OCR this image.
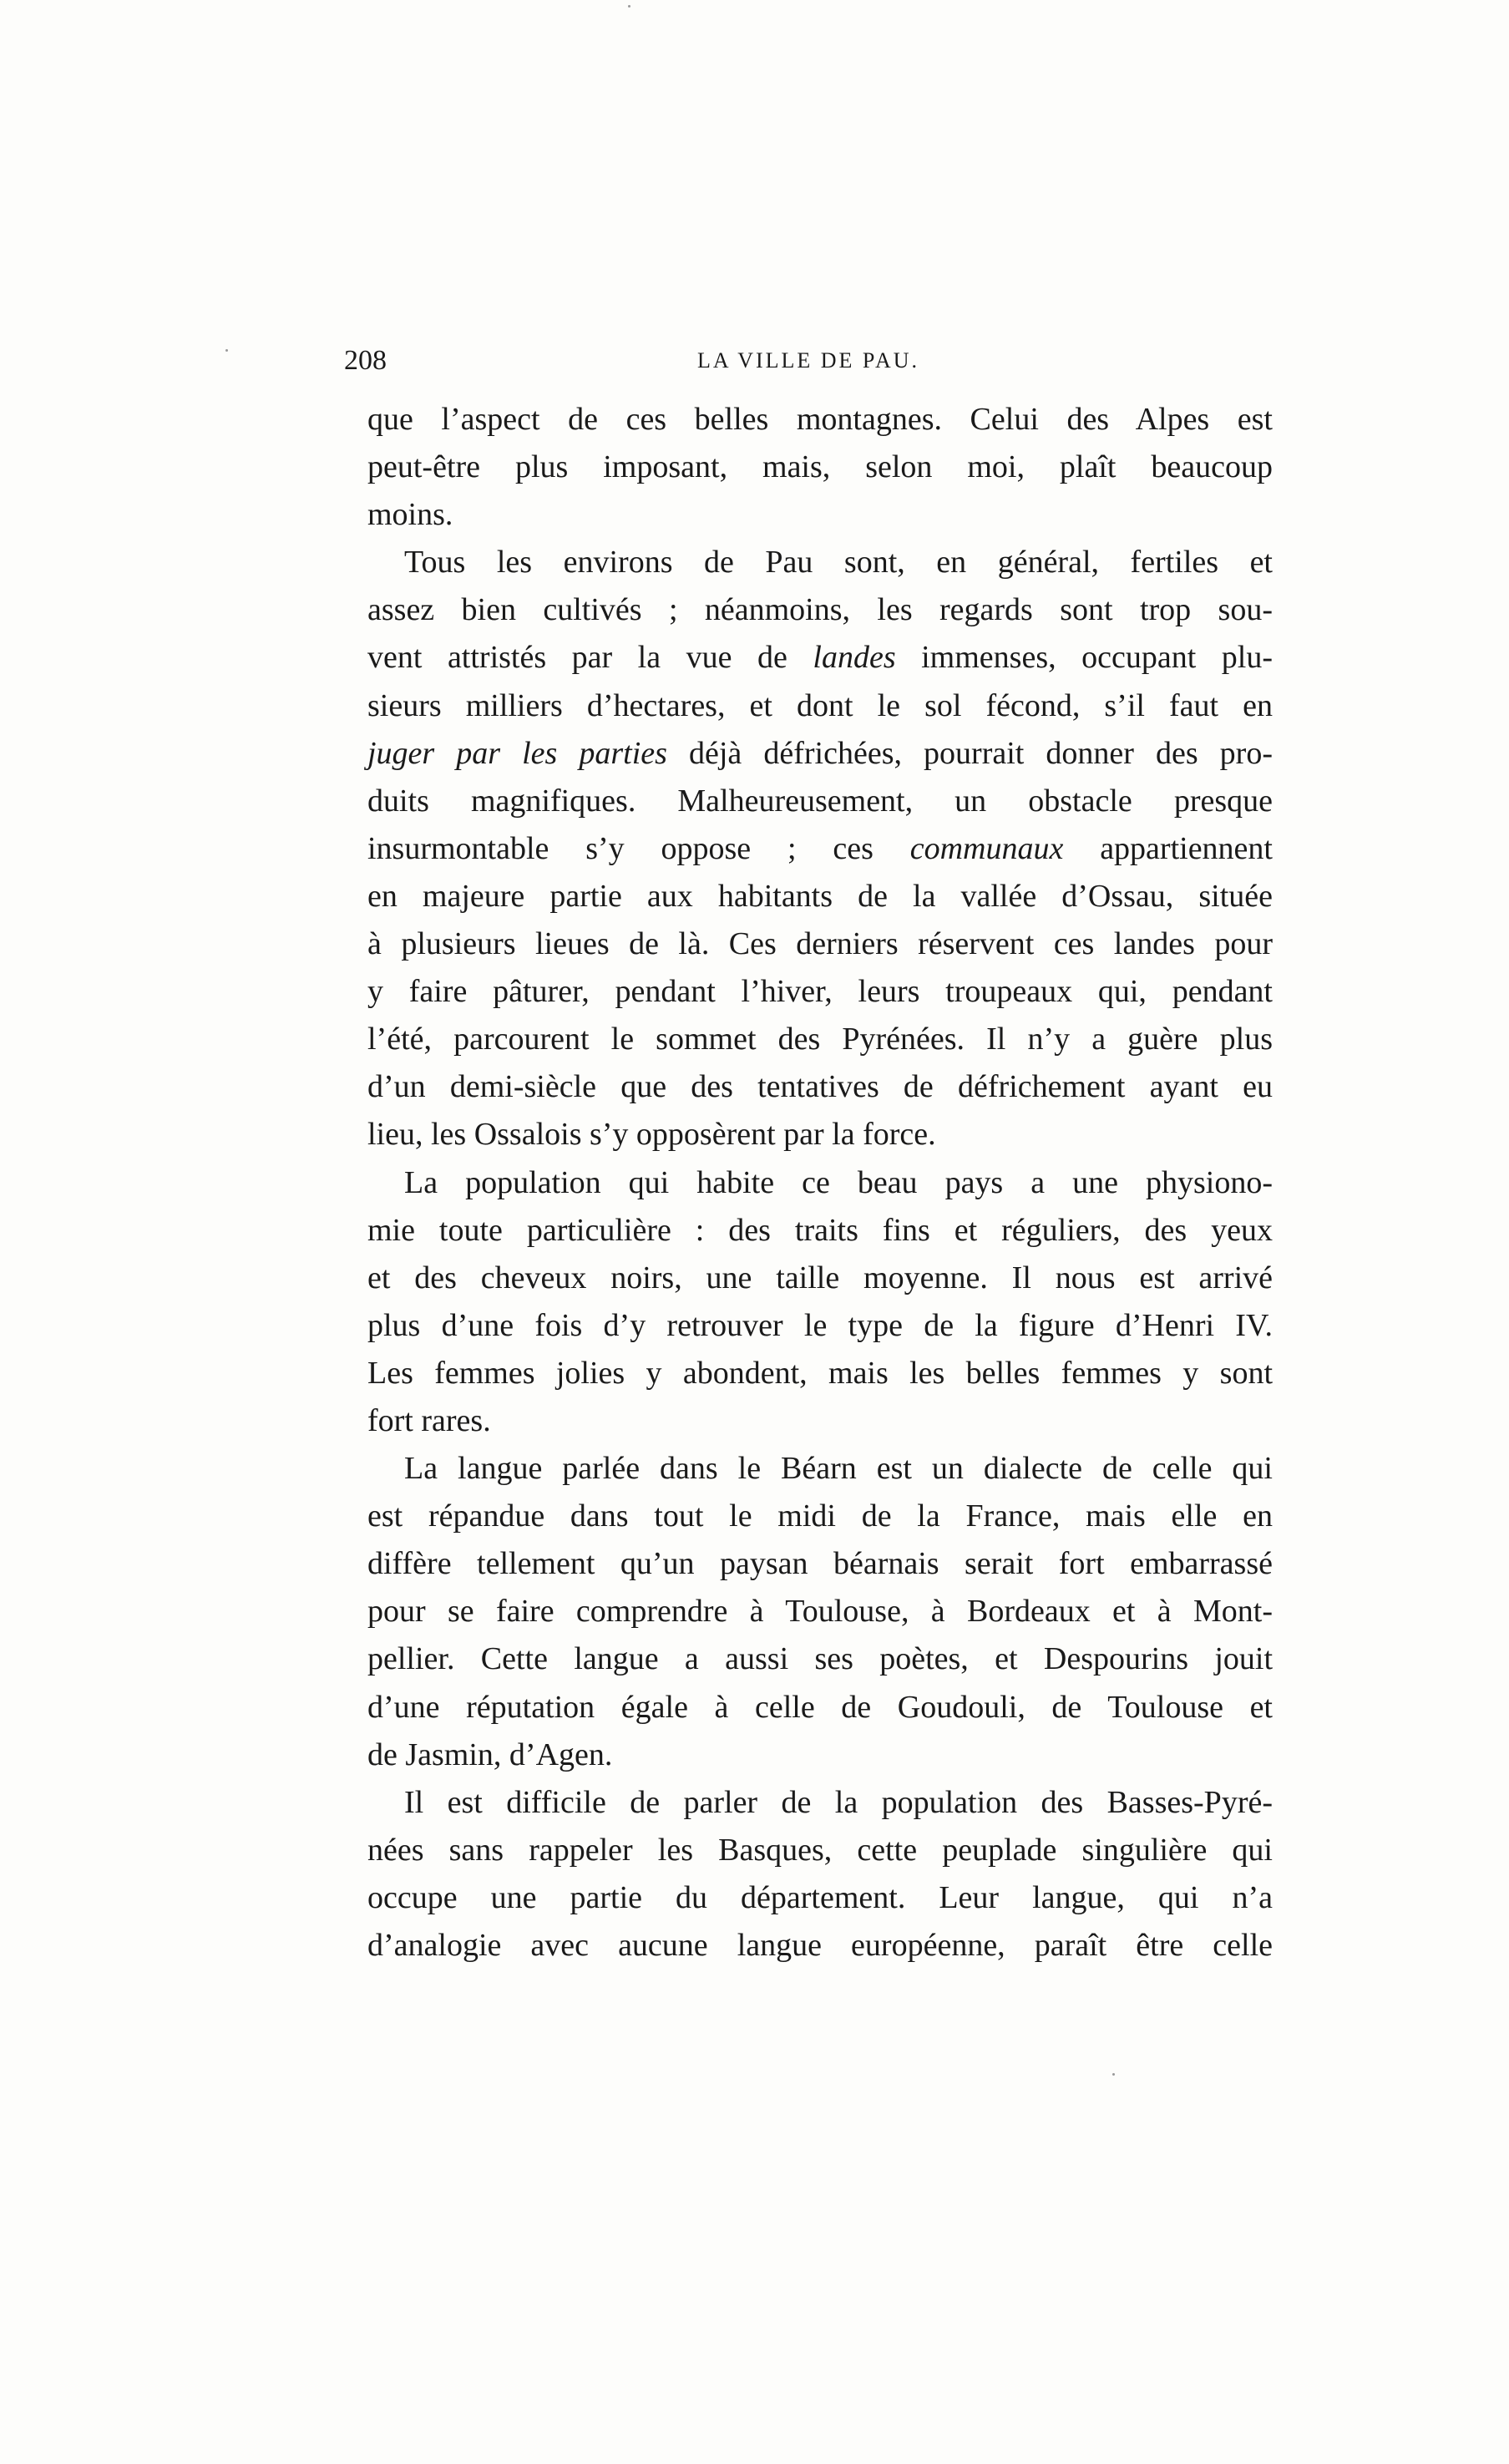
208	LA VILLE DE PAU.
que l’aspect de ces belles montagnes. Celui des Alpes est
peut-être plus imposant, mais, selon moi, plaît beaucoup
moins.
Tous les environs de Pau sont, en général, fertiles et
assez bien cultivés ; néanmoins, les regards sont trop sou-
vent attristés par la vue de landes immenses, occupant plu-
sieurs milliers d’hectares, et dont le sol fécond, s’il faut en
juger par les parties déjà défrichées, pourrait donner des pro-
duits magnifiques. Malheureusement, un obstacle presque
insurmontable s’y oppose ; ces communaux appartiennent
en majeure partie aux habitants de la vallée d’Ossau, située
à plusieurs lieues de là. Ces derniers réservent ces landes pour
y faire pâturer, pendant l’hiver, leurs troupeaux qui, pendant
l’été, parcourent le sommet des Pyrénées. Il n’y a guère plus
d’un demi-siècle que des tentatives de défrichement ayant eu
lieu, les Ossalois s’y opposèrent par la force.
La population qui habite ce beau pays a une physiono-
mie toute particulière : des traits fins et réguliers, des yeux
et des cheveux noirs, une taille moyenne. Il nous est arrivé
plus d’une fois d’y retrouver le type de la figure d’Henri IV.
Les femmes jolies y abondent, mais les belles femmes y sont
fort rares.
La langue parlée dans le Béarn est un dialecte de celle qui
est répandue dans tout le midi de la France, mais elle en
diffère tellement qu’un paysan béarnais serait fort embarrassé
pour se faire comprendre à Toulouse, à Bordeaux et à Mont-
pellier. Cette langue a aussi ses poètes, et Despourins jouit
d’une réputation égale à celle de Goudouli, de Toulouse et
de Jasmin, d’Agen.
Il est difficile de parler de la population des Basses-Pyré-
nées sans rappeler les Basques, cette peuplade singulière qui
occupe une partie du département. Leur langue, qui n’a
d’analogie avec aucune langue européenne, paraît être celle
